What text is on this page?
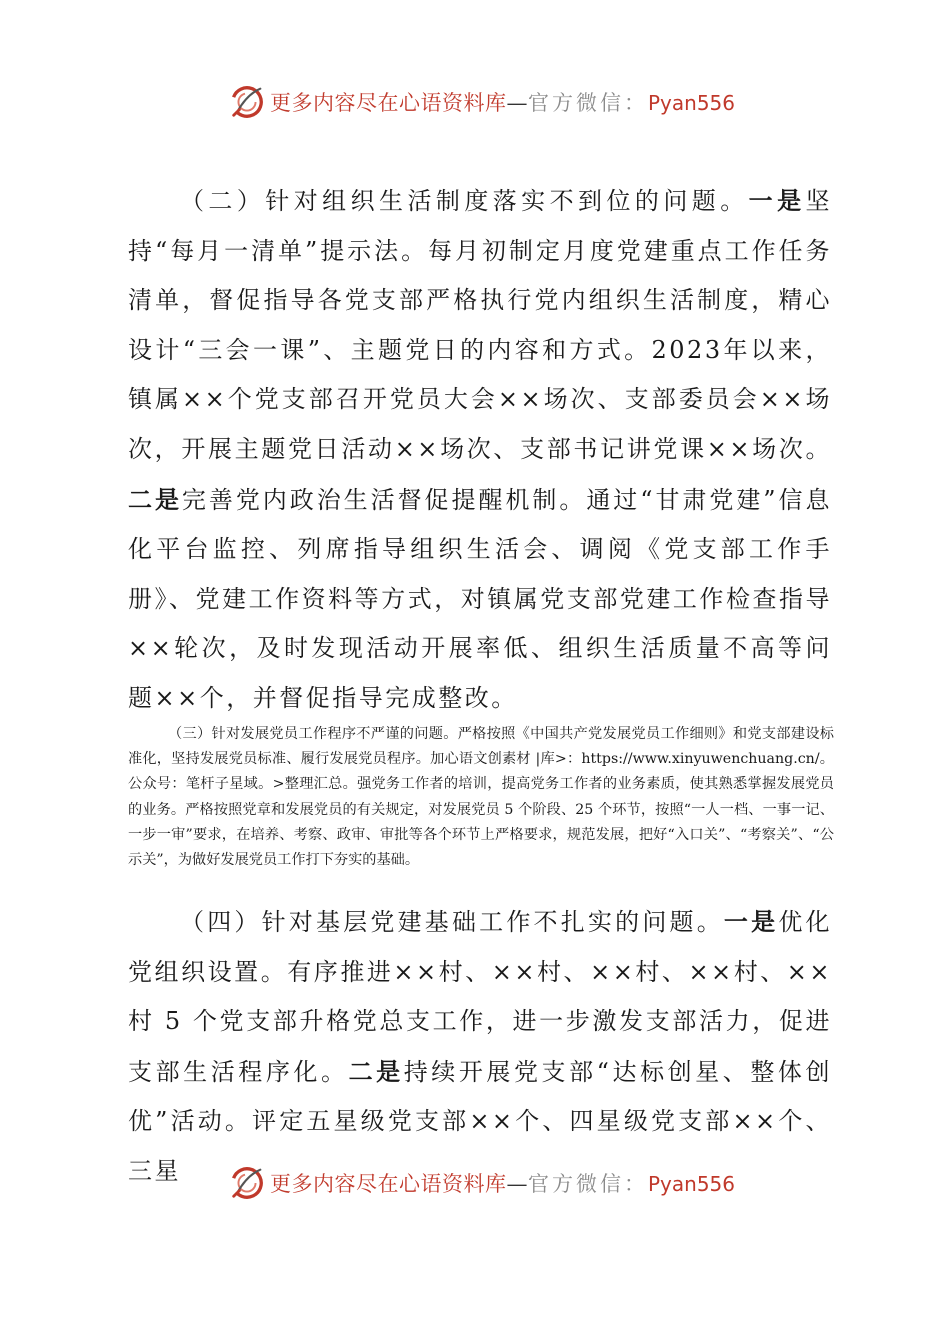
更多内容尽在心语资料库—官方微信：Pyan556

（二）针对组织生活制度落实不到位的问题。一是坚持“每月一清单”提示法。每月初制定月度党建重点工作任务清单，督促指导各党支部严格执行党内组织生活制度，精心设计“三会一课”、主题党日的内容和方式。2023年以来，镇属××个党支部召开党员大会××场次、支部委员会××场次，开展主题党日活动××场次、支部书记讲党课××场次。二是完善党内政治生活督促提醒机制。通过“甘肃党建”信息化平台监控、列席指导组织生活会、调阅《党支部工作手册》、党建工作资料等方式，对镇属党支部党建工作检查指导××轮次，及时发现活动开展率低、组织生活质量不高等问题××个，并督促指导完成整改。

（三）针对发展党员工作程序不严谨的问题。严格按照《中国共产党发展党员工作细则》和党支部建设标准化，坚持发展党员标准、履行发展党员程序。加心语文创素材 |库>：https://www.xinyuwenchuang.cn/。公众号：笔杆子星域。>整理汇总。强党务工作者的培训，提高党务工作者的业务素质，使其熟悉掌握发展党员的业务。严格按照党章和发展党员的有关规定，对发展党员 5 个阶段、25 个环节，按照“一人一档、一事一记、一步一审”要求，在培养、考察、政审、审批等各个环节上严格要求，规范发展，把好“入口关”、“考察关”、“公示关”，为做好发展党员工作打下夯实的基础。

（四）针对基层党建基础工作不扎实的问题。一是优化党组织设置。有序推进××村、××村、××村、××村、××村 5 个党支部升格党总支工作，进一步激发支部活力，促进支部生活程序化。二是持续开展党支部“达标创星、整体创优”活动。评定五星级党支部××个、四星级党支部××个、三星	更多内容尽在心语资料库—官方微信：Pyan556
